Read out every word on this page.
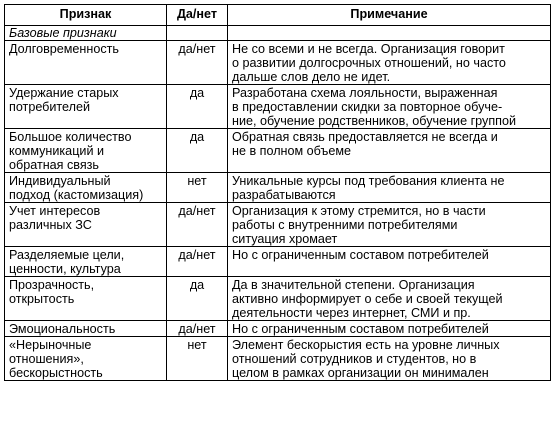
Признак	Да/нет	Примечание
Базовые признаки		

Долговременность	да/нет	Не со всеми и не всегда. Организация говорит
о развитии долгосрочных отношений, но часто
дальше слов дело не идет.

Удержание старых
потребителей	да	Разработана схема лояльности, выраженная
в предоставлении скидки за повторное обуче-
ние, обучение родственников, обучение группой

Большое количество
коммуникаций и
обратная связь	да	Обратная связь предоставляется не всегда и
не в полном объеме

Индивидуальный
подход (кастомизация)	нет	Уникальные курсы под требования клиента не
разрабатываются

Учет интересов
различных ЗС	да/нет	Организация к этому стремится, но в части
работы с внутренними потребителями
ситуация хромает

Разделяемые цели,
ценности, культура	да/нет	Но с ограниченным составом потребителей

Прозрачность,
открытость	да	Да в значительной степени. Организация
активно информирует о себе и своей текущей
деятельности через интернет, СМИ и пр.

Эмоциональность	да/нет	Но с ограниченным составом потребителей

«Нерыночные
отношения»,
бескорыстность	нет	Элемент бескорыстия есть на уровне личных
отношений сотрудников и студентов, но в
целом в рамках организации он минимален
